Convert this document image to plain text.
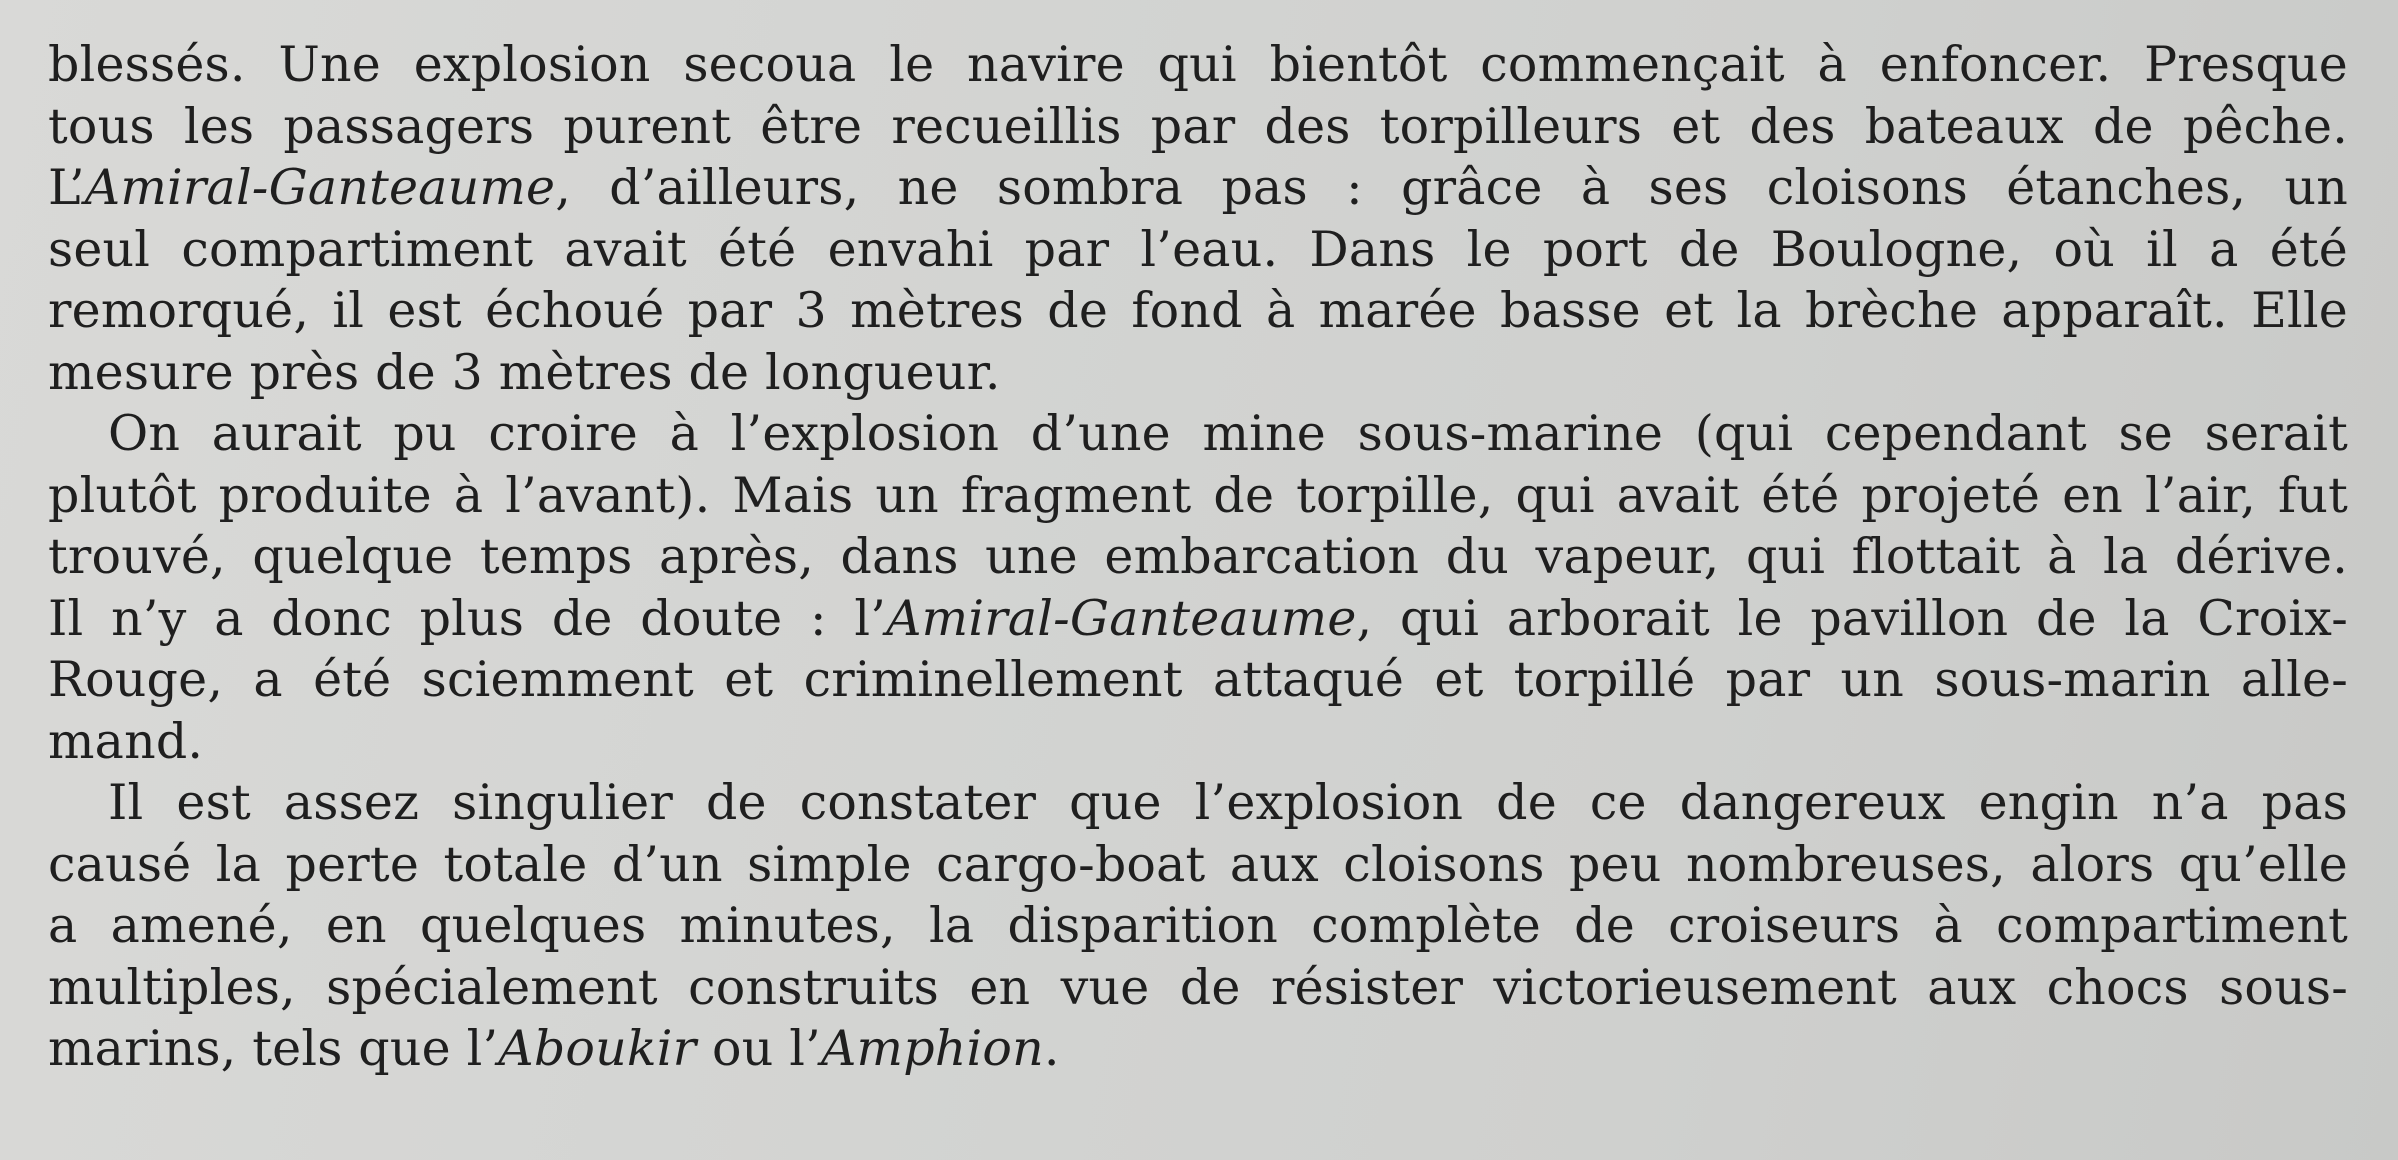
blessés. Une explosion secoua le navire qui bientôt commençait à enfoncer. Presque
tous les passagers purent être recueillis par des torpilleurs et des bateaux de pêche.
L’Amiral-Ganteaume, d’ailleurs, ne sombra pas : grâce à ses cloisons étanches, un
seul compartiment avait été envahi par l’eau. Dans le port de Boulogne, où il a été
remorqué, il est échoué par 3 mètres de fond à marée basse et la brèche apparaît. Elle
mesure près de 3 mètres de longueur.
On aurait pu croire à l’explosion d’une mine sous-marine (qui cependant se serait
plutôt produite à l’avant). Mais un fragment de torpille, qui avait été projeté en l’air, fut
trouvé, quelque temps après, dans une embarcation du vapeur, qui flottait à la dérive.
Il n’y a donc plus de doute : l’Amiral-Ganteaume, qui arborait le pavillon de la Croix-
Rouge, a été sciemment et criminellement attaqué et torpillé par un sous-marin alle-
mand.
Il est assez singulier de constater que l’explosion de ce dangereux engin n’a pas
causé la perte totale d’un simple cargo-boat aux cloisons peu nombreuses, alors qu’elle
a amené, en quelques minutes, la disparition complète de croiseurs à compartiment
multiples, spécialement construits en vue de résister victorieusement aux chocs sous-
marins, tels que l’Aboukir ou l’Amphion.
